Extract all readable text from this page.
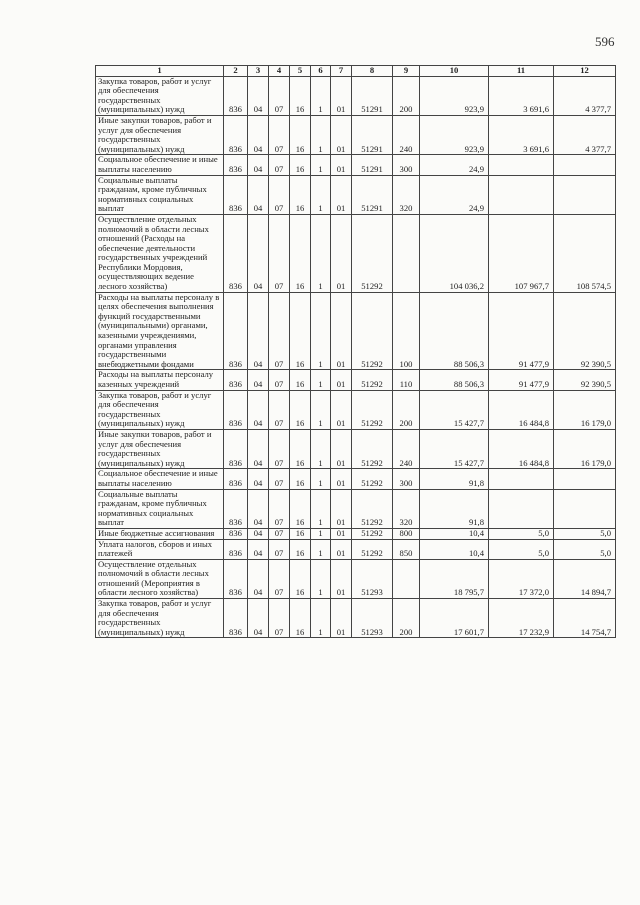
596
1	2	3	4	5	6	7	8	9	10	11	12
Закупка товаров, работ и услуг для обеспечения государственных (муниципальных) нужд	836	04	07	16	1	01	51291	200	923,9	3 691,6	4 377,7
Иные закупки товаров, работ и услуг для обеспечения государственных (муниципальных) нужд	836	04	07	16	1	01	51291	240	923,9	3 691,6	4 377,7
Социальное обеспечение и иные выплаты населению	836	04	07	16	1	01	51291	300	24,9		
Социальные выплаты гражданам, кроме публичных нормативных социальных выплат	836	04	07	16	1	01	51291	320	24,9		
Осуществление отдельных полномочий в области лесных отношений (Расходы на обеспечение деятельности государственных учреждений Республики Мордовия, осуществляющих ведение лесного хозяйства)	836	04	07	16	1	01	51292		104 036,2	107 967,7	108 574,5
Расходы на выплаты персоналу в целях обеспечения выполнения функций государственными (муниципальными) органами, казенными учреждениями, органами управления государственными внебюджетными фондами	836	04	07	16	1	01	51292	100	88 506,3	91 477,9	92 390,5
Расходы на выплаты персоналу казенных учреждений	836	04	07	16	1	01	51292	110	88 506,3	91 477,9	92 390,5
Закупка товаров, работ и услуг для обеспечения государственных (муниципальных) нужд	836	04	07	16	1	01	51292	200	15 427,7	16 484,8	16 179,0
Иные закупки товаров, работ и услуг для обеспечения государственных (муниципальных) нужд	836	04	07	16	1	01	51292	240	15 427,7	16 484,8	16 179,0
Социальное обеспечение и иные выплаты населению	836	04	07	16	1	01	51292	300	91,8		
Социальные выплаты гражданам, кроме публичных нормативных социальных выплат	836	04	07	16	1	01	51292	320	91,8		
Иные бюджетные ассигнования	836	04	07	16	1	01	51292	800	10,4	5,0	5,0
Уплата налогов, сборов и иных платежей	836	04	07	16	1	01	51292	850	10,4	5,0	5,0
Осуществление отдельных полномочий в области лесных отношений (Мероприятия в области лесного хозяйства)	836	04	07	16	1	01	51293		18 795,7	17 372,0	14 894,7
Закупка товаров, работ и услуг для обеспечения государственных (муниципальных) нужд	836	04	07	16	1	01	51293	200	17 601,7	17 232,9	14 754,7
